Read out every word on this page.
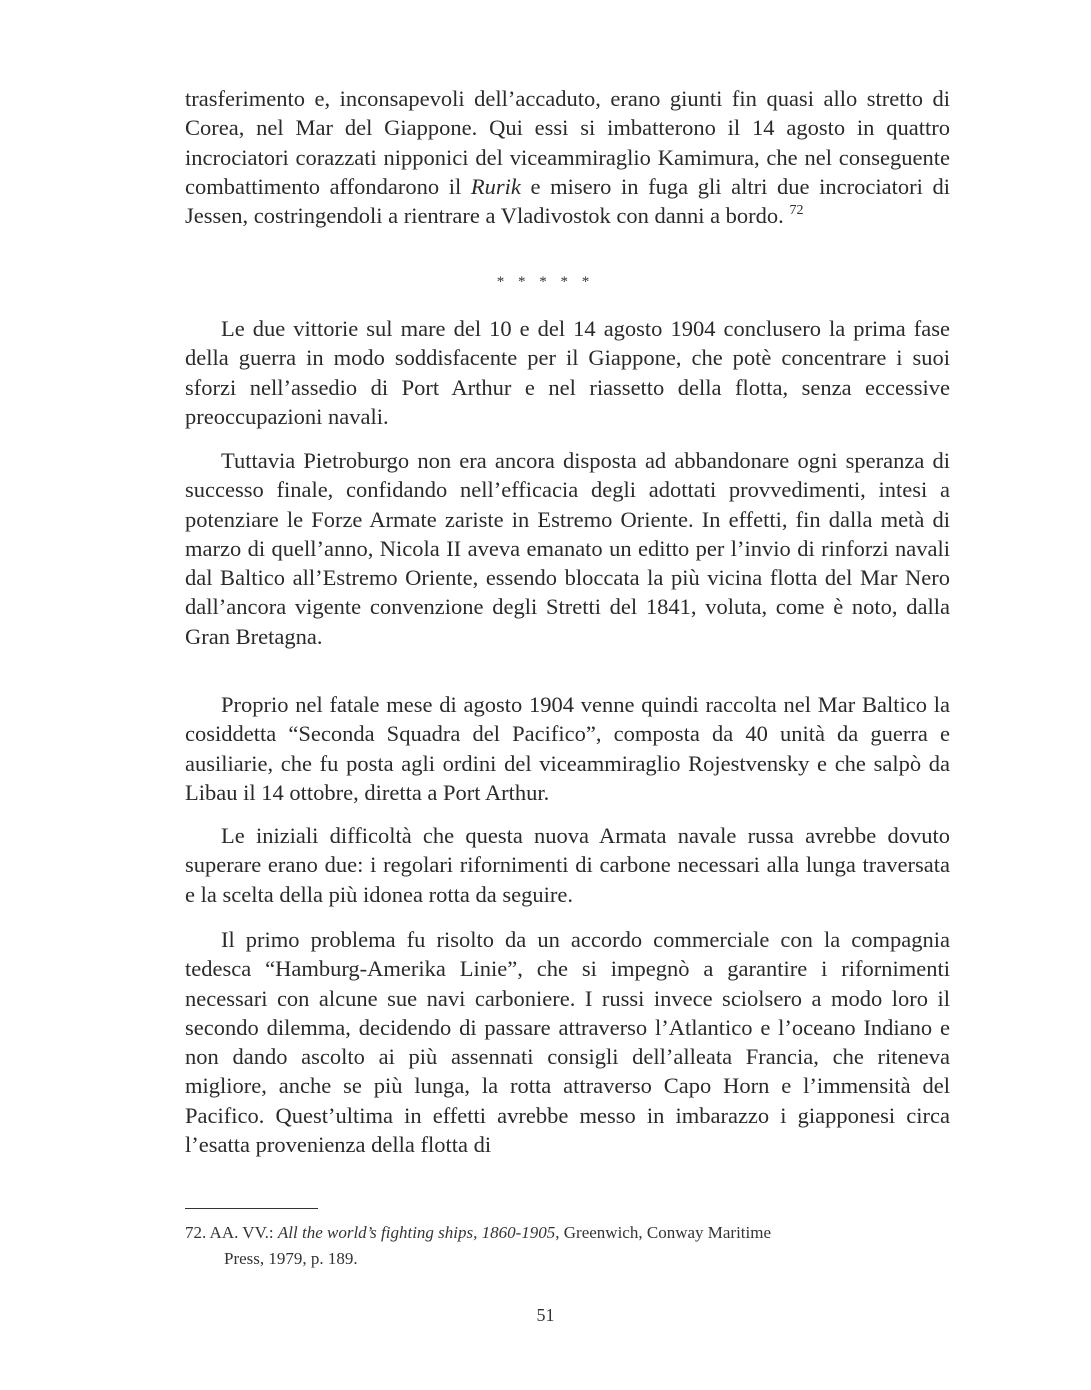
trasferimento e, inconsapevoli dell’accaduto, erano giunti fin quasi allo stretto di Corea, nel Mar del Giappone. Qui essi si imbatterono il 14 agosto in quattro incrociatori corazzati nipponici del viceammiraglio Kamimura, che nel conseguente combattimento affondarono il Rurik e misero in fuga gli altri due incrociatori di Jessen, costringendoli a rientrare a Vladivostok con danni a bordo. $^{72}$

* * * * *

Le due vittorie sul mare del 10 e del 14 agosto 1904 conclusero la prima fase della guerra in modo soddisfacente per il Giappone, che potè concentrare i suoi sforzi nell’assedio di Port Arthur e nel riassetto della flotta, senza eccessive preoccupazioni navali.

Tuttavia Pietroburgo non era ancora disposta ad abbandonare ogni speranza di successo finale, confidando nell’efficacia degli adottati provvedimenti, intesi a potenziare le Forze Armate zariste in Estremo Oriente. In effetti, fin dalla metà di marzo di quell’anno, Nicola II aveva emanato un editto per l’invio di rinforzi navali dal Baltico all’Estremo Oriente, essendo bloccata la più vicina flotta del Mar Nero dall’ancora vigente convenzione degli Stretti del 1841, voluta, come è noto, dalla Gran Bretagna.

Proprio nel fatale mese di agosto 1904 venne quindi raccolta nel Mar Baltico la cosiddetta “Seconda Squadra del Pacifico”, composta da 40 unità da guerra e ausiliarie, che fu posta agli ordini del viceammiraglio Rojestvensky e che salpò da Libau il 14 ottobre, diretta a Port Arthur.

Le iniziali difficoltà che questa nuova Armata navale russa avrebbe dovuto superare erano due: i regolari rifornimenti di carbone necessari alla lunga traversata e la scelta della più idonea rotta da seguire.

Il primo problema fu risolto da un accordo commerciale con la compagnia tedesca “Hamburg-Amerika Linie”, che si impegnò a garantire i rifornimenti necessari con alcune sue navi carboniere. I russi invece sciolsero a modo loro il secondo dilemma, decidendo di passare attraverso l’Atlantico e l’oceano Indiano e non dando ascolto ai più assennati consigli dell’alleata Francia, che riteneva migliore, anche se più lunga, la rotta attraverso Capo Horn e l’immensità del Pacifico. Quest’ultima in effetti avrebbe messo in imbarazzo i giapponesi circa l’esatta provenienza della flotta di

72. AA. VV.: All the world’s fighting ships, 1860-1905, Greenwich, Conway Maritime
Press, 1979, p. 189.
51
